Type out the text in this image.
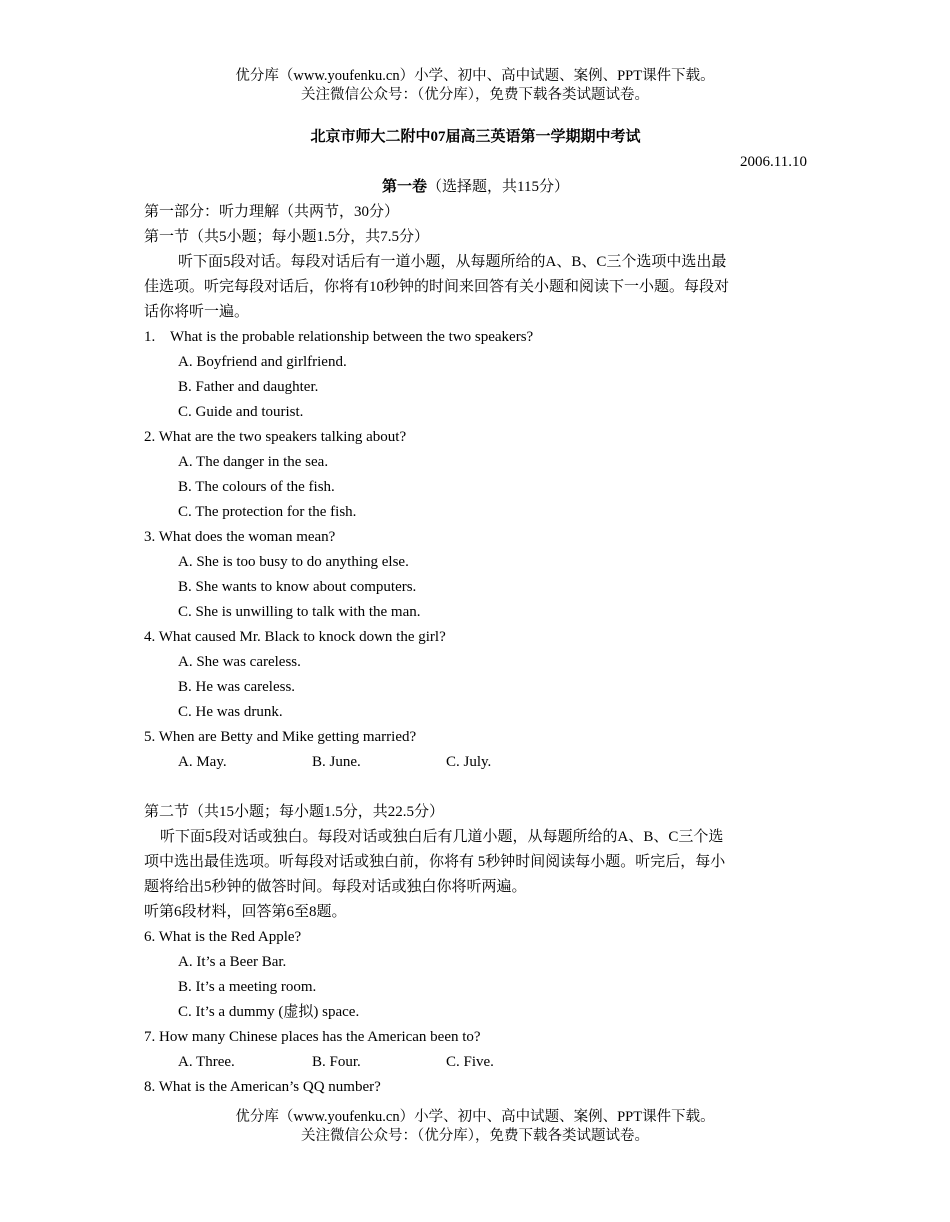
优分库（www.youfenku.cn）小学、初中、高中试题、案例、PPT课件下载。
关注微信公众号：（优分库），免费下载各类试题试卷。
北京市师大二附中07届高三英语第一学期期中考试
2006.11.10
第一卷（选择题，共115分）
第一部分：听力理解（共两节，30分）
第一节（共5小题；每小题1.5分，共7.5分）
听下面5段对话。每段对话后有一道小题，从每题所给的A、B、C三个选项中选出最
佳选项。听完每段对话后，你将有10秒钟的时间来回答有关小题和阅读下一小题。每段对
话你将听一遍。
1.    What is the probable relationship between the two speakers?
A. Boyfriend and girlfriend.
B. Father and daughter.
C. Guide and tourist.
2. What are the two speakers talking about?
A. The danger in the sea.
B. The colours of the fish.
C. The protection for the fish.
3. What does the woman mean?
A. She is too busy to do anything else.
B. She wants to know about computers.
C. She is unwilling to talk with the man.
4. What caused Mr. Black to knock down the girl?
A. She was careless.
B. He was careless.
C. He was drunk.
5. When are Betty and Mike getting married?
A. May.	B. June.	C. July.
第二节（共15小题；每小题1.5分，共22.5分）
听下面5段对话或独白。每段对话或独白后有几道小题，从每题所给的A、B、C三个选
项中选出最佳选项。听每段对话或独白前，你将有 5秒钟时间阅读每小题。听完后，每小
题将给出5秒钟的做答时间。每段对话或独白你将听两遍。
听第6段材料，回答第6至8题。
6. What is the Red Apple?
A. It’s a Beer Bar.
B. It’s a meeting room.
C. It’s a dummy (虚拟) space.
7. How many Chinese places has the American been to?
A. Three.	B. Four.	C. Five.
8. What is the American’s QQ number?
优分库（www.youfenku.cn）小学、初中、高中试题、案例、PPT课件下载。
关注微信公众号：（优分库），免费下载各类试题试卷。
